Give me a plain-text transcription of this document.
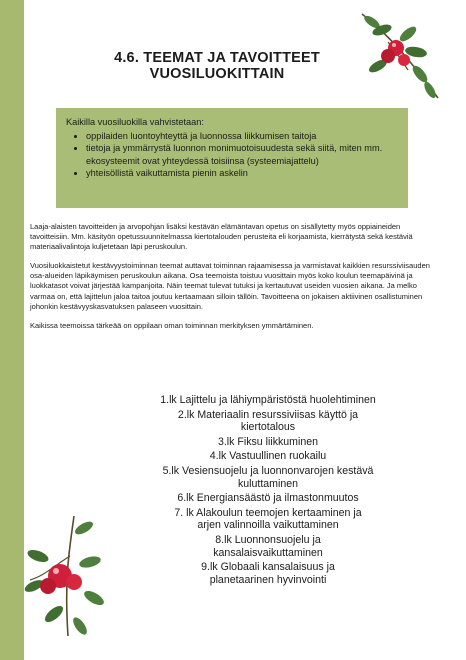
4.6. TEEMAT JA TAVOITTEET
VUOSILUOKITTAIN

Kaikilla vuosiluokilla vahvistetaan:

• oppilaiden luontoyhteyttä ja luonnossa liikkumisen taitoja
• tietoja ja ymmärrystä luonnon monimuotoisuudesta sekä siitä, miten mm. ekosysteemit ovat yhteydessä toisiinsa (systeemiajattelu)
• yhteisöllistä vaikuttamista pienin askelin

Laaja-alaisten tavoitteiden ja arvopohjan lisäksi kestävän elämäntavan opetus on sisällytetty myös oppiaineiden tavoitteisiin. Mm. käsityön opetussuunnitelmassa kiertotalouden perusteita eli korjaamista, kierrätystä sekä kestäviä materiaalivalintoja kuljetetaan läpi peruskoulun.

Vuosiluokkaistetut kestävyystoiminnan teemat auttavat toiminnan rajaamisessa ja varmistavat kaikkien resurssiviisauden osa-alueiden läpikäymisen peruskoulun aikana. Osa teemoista toistuu vuosittain myös koko koulun teemapäivinä ja luokkatasot voivat järjestää kampanjoita. Näin teemat tulevat tutuksi ja kertautuvat useiden vuosien aikana. Ja melko varmaa on, että lajittelun jaloa taitoa joutuu kertaamaan silloin tällöin. Tavoitteena on jokaisen aktiivinen osallistuminen johonkin kestävyyskasvatuksen palaseen vuosittain.

Kaikissa teemoissa tärkeää on oppilaan oman toiminnan merkityksen ymmärtäminen.

1.lk Lajittelu ja lähiympäristöstä huolehtiminen
2.lk Materiaalin resurssiviisas käyttö ja
kiertotalous
3.lk Fiksu liikkuminen
4.lk Vastuullinen ruokailu
5.lk Vesiensuojelu ja luonnonvarojen kestävä
kuluttaminen
6.lk Energiansäästö ja ilmastonmuutos
7. lk Alakoulun teemojen kertaaminen ja
arjen valinnoilla vaikuttaminen
8.lk Luonnonsuojelu ja
kansalaisvaikuttaminen
9.lk Globaali kansalaisuus ja
planetaarinen hyvinvointi
